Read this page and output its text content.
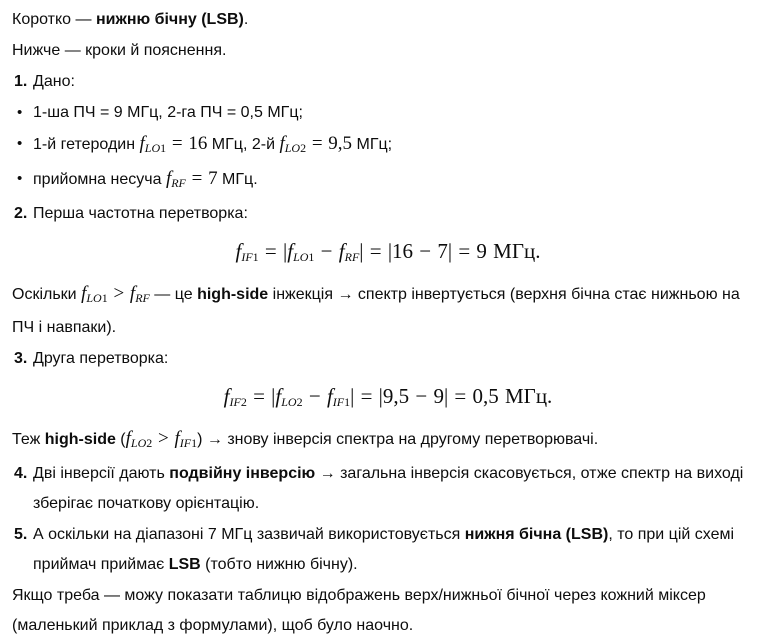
Коротко — нижню бічну (LSB).

Нижче — кроки й пояснення.

1. Дано:
• 1-ша ПЧ = 9 МГц, 2-га ПЧ = 0,5 МГц;
• 1-й гетеродин fLO1 = 16 МГц, 2-й fLO2 = 9,5 МГц;
• прийомна несуча fRF = 7 МГц.
2. Перша частотна перетворка:
fIF1 = |fLO1 − fRF| = |16 − 7| = 9 МГц.

Оскільки fLO1 > fRF — це high-side інжекція → спектр інвертується (верхня бічна стає нижньою на ПЧ і навпаки).

3. Друга перетворка:
fIF2 = |fLO2 − fIF1| = |9,5 − 9| = 0,5 МГц.

Теж high-side (fLO2 > fIF1) → знову інверсія спектра на другому перетворювачі.

4. Дві інверсії дають подвійну інверсію → загальна інверсія скасовується, отже спектр на виході зберігає початкову орієнтацію.
5. А оскільки на діапазоні 7 МГц зазвичай використовується нижня бічна (LSB), то при цій схемі приймач приймає LSB (тобто нижню бічну).

Якщо треба — можу показати таблицю відображень верх/нижньої бічної через кожний міксер (маленький приклад з формулами), щоб було наочно.
